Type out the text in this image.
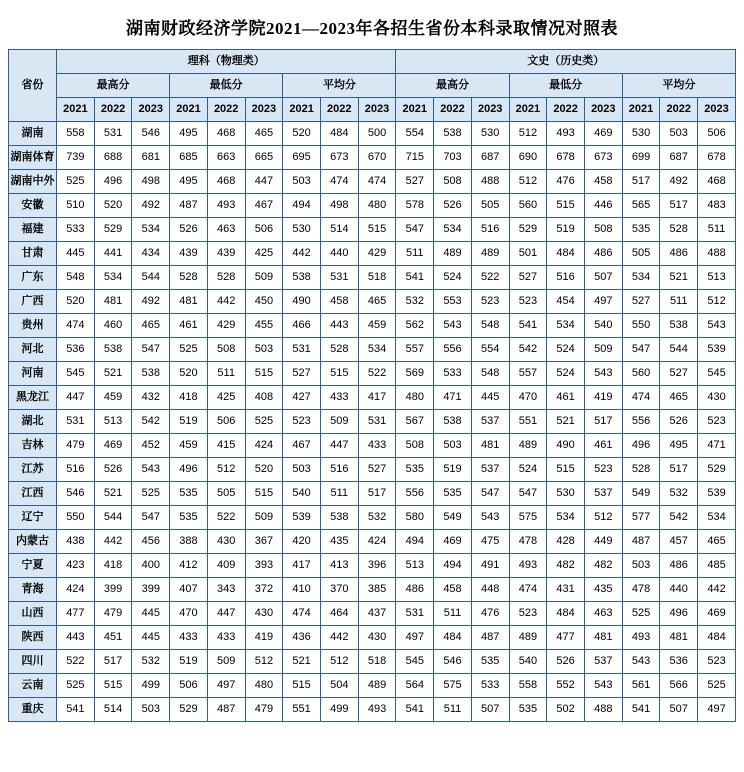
湖南财政经济学院2021—2023年各招生省份本科录取情况对照表
省份	理科（物理类）									文史（历史类）								
	最高分			最低分			平均分			最高分			最低分			平均分		
	2021	2022	2023	2021	2022	2023	2021	2022	2023	2021	2022	2023	2021	2022	2023	2021	2022	2023
湖南	558	531	546	495	468	465	520	484	500	554	538	530	512	493	469	530	503	506
湖南体育	739	688	681	685	663	665	695	673	670	715	703	687	690	678	673	699	687	678
湖南中外	525	496	498	495	468	447	503	474	474	527	508	488	512	476	458	517	492	468
安徽	510	520	492	487	493	467	494	498	480	578	526	505	560	515	446	565	517	483
福建	533	529	534	526	463	506	530	514	515	547	534	516	529	519	508	535	528	511
甘肃	445	441	434	439	439	425	442	440	429	511	489	489	501	484	486	505	486	488
广东	548	534	544	528	528	509	538	531	518	541	524	522	527	516	507	534	521	513
广西	520	481	492	481	442	450	490	458	465	532	553	523	523	454	497	527	511	512
贵州	474	460	465	461	429	455	466	443	459	562	543	548	541	534	540	550	538	543
河北	536	538	547	525	508	503	531	528	534	557	556	554	542	524	509	547	544	539
河南	545	521	538	520	511	515	527	515	522	569	533	548	557	524	543	560	527	545
黑龙江	447	459	432	418	425	408	427	433	417	480	471	445	470	461	419	474	465	430
湖北	531	513	542	519	506	525	523	509	531	567	538	537	551	521	517	556	526	523
吉林	479	469	452	459	415	424	467	447	433	508	503	481	489	490	461	496	495	471
江苏	516	526	543	496	512	520	503	516	527	535	519	537	524	515	523	528	517	529
江西	546	521	525	535	505	515	540	511	517	556	535	547	547	530	537	549	532	539
辽宁	550	544	547	535	522	509	539	538	532	580	549	543	575	534	512	577	542	534
内蒙古	438	442	456	388	430	367	420	435	424	494	469	475	478	428	449	487	457	465
宁夏	423	418	400	412	409	393	417	413	396	513	494	491	493	482	482	503	486	485
青海	424	399	399	407	343	372	410	370	385	486	458	448	474	431	435	478	440	442
山西	477	479	445	470	447	430	474	464	437	531	511	476	523	484	463	525	496	469
陕西	443	451	445	433	433	419	436	442	430	497	484	487	489	477	481	493	481	484
四川	522	517	532	519	509	512	521	512	518	545	546	535	540	526	537	543	536	523
云南	525	515	499	506	497	480	515	504	489	564	575	533	558	552	543	561	566	525
重庆	541	514	503	529	487	479	551	499	493	541	511	507	535	502	488	541	507	497
